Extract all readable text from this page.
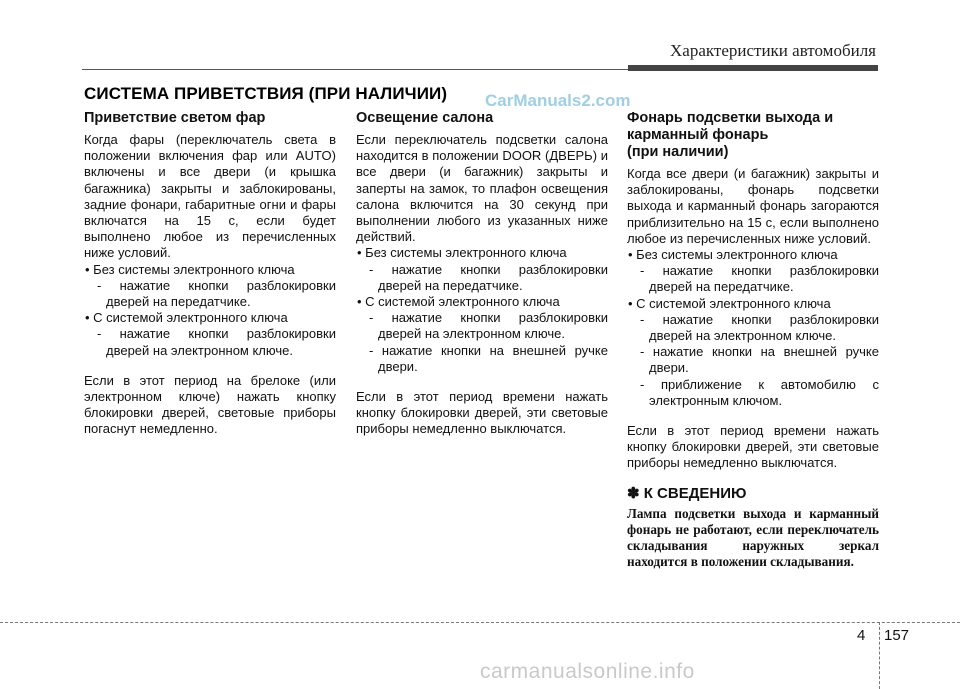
Характеристики автомобиля
СИСТЕМА ПРИВЕТСТВИЯ (ПРИ НАЛИЧИИ) CarManuals2.com
Приветствие светом фар

Когда фары (переключатель света в положении включения фар или AUTO) включены и все двери (и крышка багажника) закрыты и заблокированы, задние фонари, габаритные огни и фары включатся на 15 с, если будет выполнено любое из перечисленных ниже условий.

• Без системы электронного ключа

- нажатие кнопки разблокировки дверей на передатчике.

• С системой электронного ключа

- нажатие кнопки разблокировки дверей на электронном ключе.

Если в этот период на брелоке (или электронном ключе) нажать кнопку блокировки дверей, световые приборы погаснут немедленно.

Освещение салона

Если переключатель подсветки салона находится в положении DOOR (ДВЕРЬ) и все двери (и багажник) закрыты и заперты на замок, то плафон освещения салона включится на 30 секунд при выполнении любого из указанных ниже действий.

• Без системы электронного ключа

- нажатие кнопки разблокировки дверей на передатчике.

• С системой электронного ключа

- нажатие кнопки разблокировки дверей на электронном ключе.

- нажатие кнопки на внешней ручке двери.

Если в этот период времени нажать кнопку блокировки дверей, эти световые приборы немедленно выключатся.

Фонарь подсветки выхода и
карманный фонарь
(при наличии)

Когда все двери (и багажник) закрыты и заблокированы, фонарь подсветки выхода и карманный фонарь загораются приблизительно на 15 с, если выполнено любое из перечисленных ниже условий.

• Без системы электронного ключа

- нажатие кнопки разблокировки дверей на передатчике.

• С системой электронного ключа

- нажатие кнопки разблокировки дверей на электронном ключе.

- нажатие кнопки на внешней ручке двери.

- приближение к автомобилю с электронным ключом.

Если в этот период времени нажать кнопку блокировки дверей, эти световые приборы немедленно выключатся.

✽ К СВЕДЕНИЮ

Лампа подсветки выхода и карманный фонарь не работают, если переключатель складывания наружных зеркал находится в положении складывания.

4 157
carmanualsonline.info
